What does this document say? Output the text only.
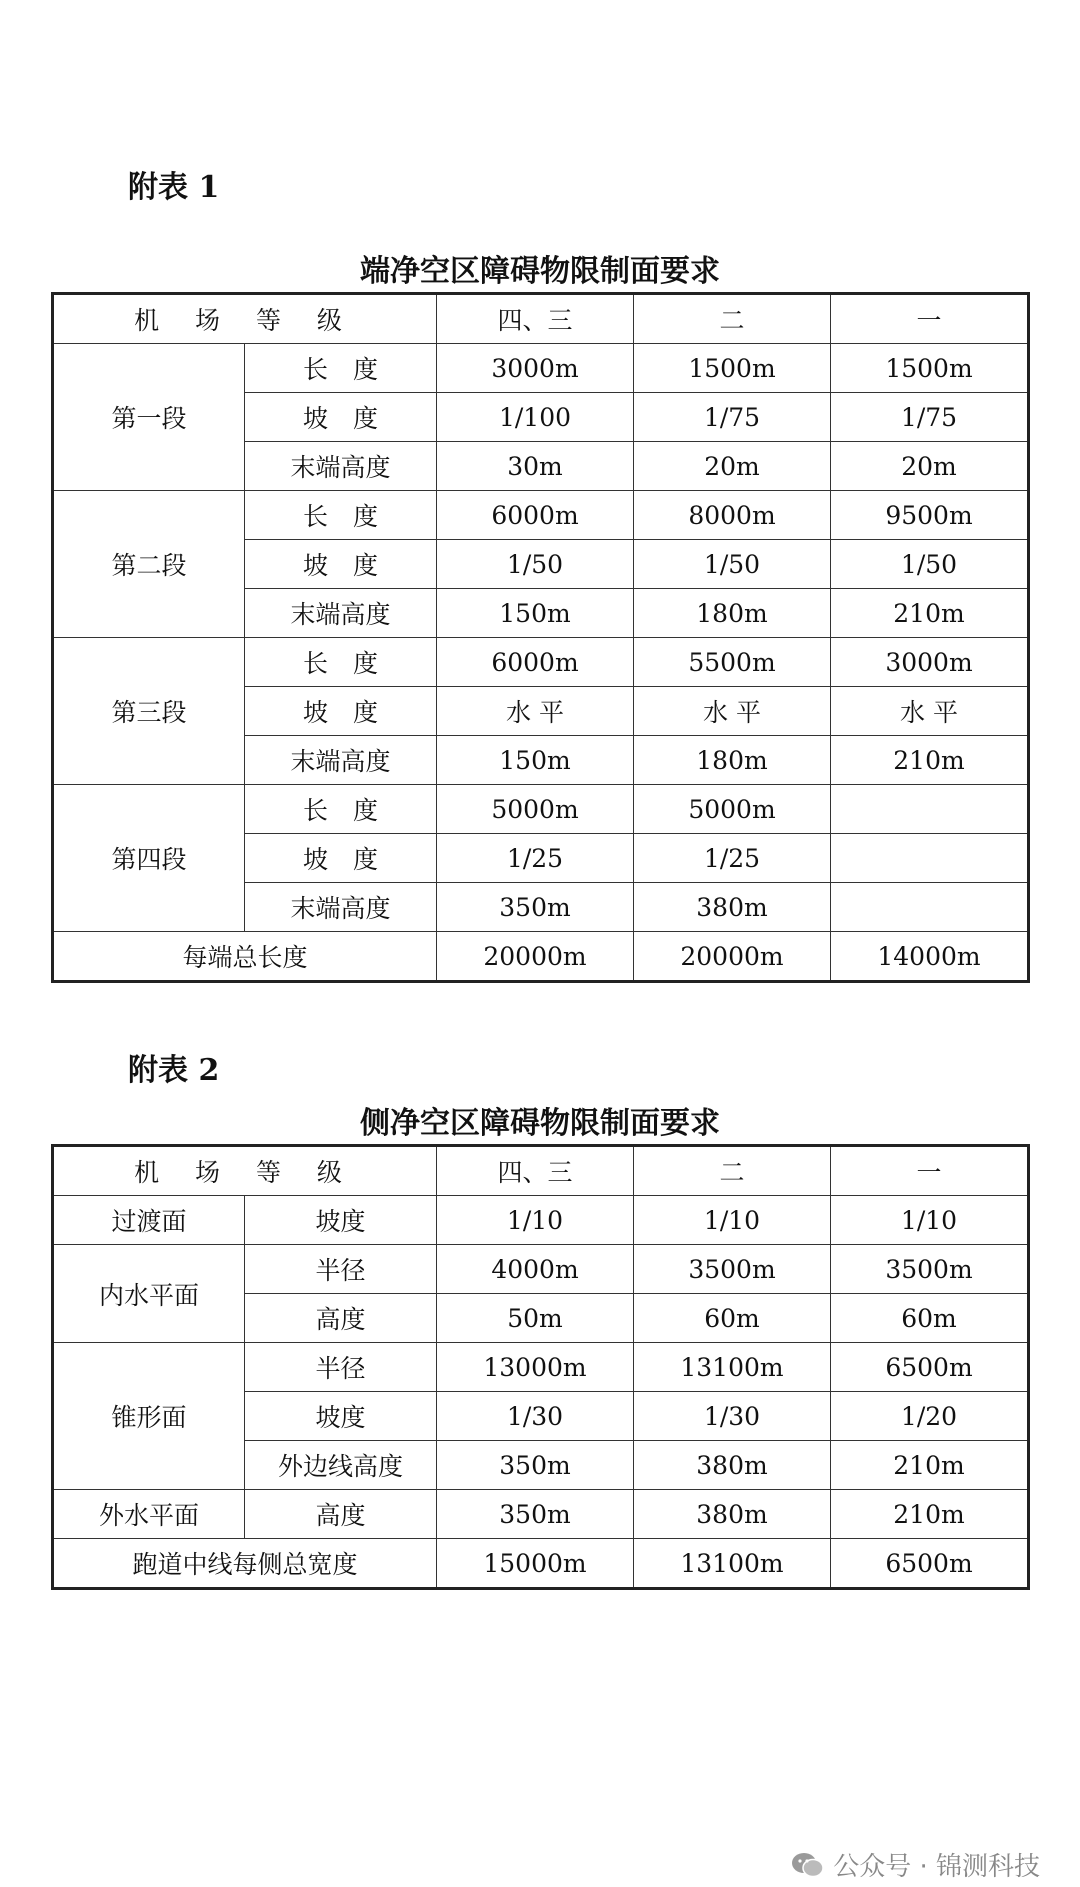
附表 1
端净空区障碍物限制面要求
机 场 等 级		四、三	二	一
第一段	长　度	3000m	1500m	1500m
	坡　度	1/100	1/75	1/75
	末端高度	30m	20m	20m
第二段	长　度	6000m	8000m	9500m
	坡　度	1/50	1/50	1/50
	末端高度	150m	180m	210m
第三段	长　度	6000m	5500m	3000m
	坡　度	水 平	水 平	水 平
	末端高度	150m	180m	210m
第四段	长　度	5000m	5000m	
	坡　度	1/25	1/25	
	末端高度	350m	380m	
每端总长度		20000m	20000m	14000m
附表 2
侧净空区障碍物限制面要求
机 场 等 级		四、三	二	一
过渡面	坡度	1/10	1/10	1/10
内水平面	半径	4000m	3500m	3500m
	高度	50m	60m	60m
锥形面	半径	13000m	13100m	6500m
	坡度	1/30	1/30	1/20
	外边线高度	350m	380m	210m
外水平面	高度	350m	380m	210m
跑道中线每侧总宽度		15000m	13100m	6500m
公众号 · 锦测科技
